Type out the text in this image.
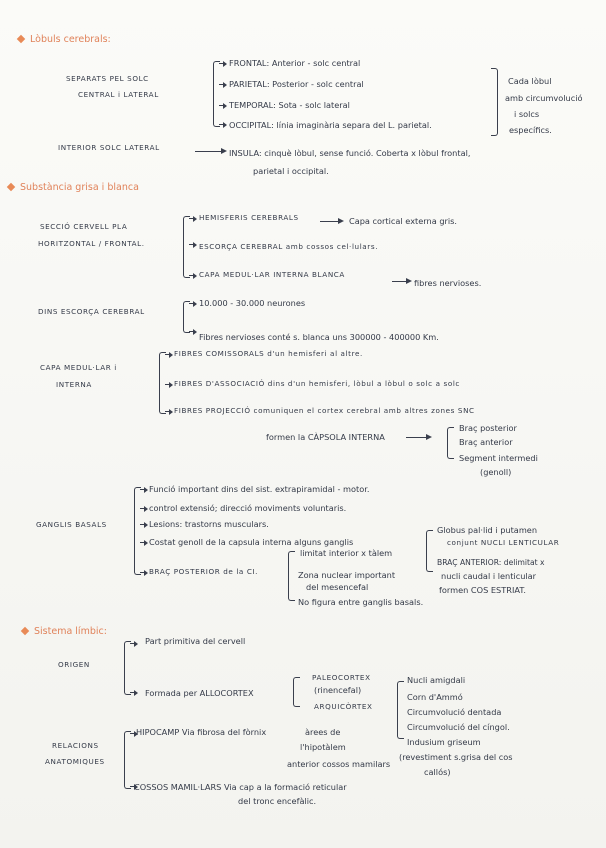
Lòbuls cerebrals:
SEPARATS PEL SOLC
CENTRAL i LATERAL
FRONTAL: Anterior - solc central
PARIETAL: Posterior - solc central
TEMPORAL: Sota - solc lateral
OCCIPITAL: línia imaginària separa del L. parietal.
Cada lòbul
amb circumvolució
i solcs
específics.
INTERIOR SOLC LATERAL
INSULA: cinquè lòbul, sense funció. Coberta x lòbul frontal,
parietal i occipital.
Substància grisa i blanca
SECCIÓ CERVELL PLA
HORITZONTAL / FRONTAL.
HEMISFERIS CEREBRALS	Capa cortical externa gris.
ESCORÇA CEREBRAL amb cossos cel·lulars.
CAPA MEDUL·LAR INTERNA BLANCA
fibres nervioses.
DINS ESCORÇA CEREBRAL
10.000 - 30.000 neurones
Fibres nervioses conté s. blanca uns 300000 - 400000 Km.
CAPA MEDUL·LAR i
INTERNA
FIBRES COMISSORALS d'un hemisferi al altre.
FIBRES D'ASSOCIACIÓ dins d'un hemisferi, lòbul a lòbul o solc a solc
FIBRES PROJECCIÓ comuniquen el cortex cerebral amb altres zones SNC
formen la CÀPSOLA INTERNA
Braç posterior
Braç anterior
Segment intermedi
(genoll)
GANGLIS BASALS
Funció important dins del sist. extrapiramidal - motor.
control extensió; direcció moviments voluntaris.
Lesions: trastorns musculars.
Costat genoll de la capsula interna alguns ganglis
BRAÇ POSTERIOR de la CI.
limitat interior x tàlem
Zona nuclear important
del mesencefal
No figura entre ganglis basals.
Globus pal·lid i putamen
conjunt NUCLI LENTICULAR
BRAÇ ANTERIOR: delimitat x
nucli caudal i lenticular
formen COS ESTRIAT.
Sistema límbic:
ORIGEN
Part primitiva del cervell
Formada per ALLOCORTEX
PALEOCORTEX
(rinencefal)
ARQUICÒRTEX
Nucli amigdali
Corn d'Ammó
Circumvolució dentada
Circumvolució del cíngol.
Indusium griseum
(revestiment s.grisa del cos
callós)
RELACIONS
ANATOMIQUES
HIPOCAMP Via fibrosa del fòrnix	àrees de
l'hipotàlem
anterior cossos mamilars
COSSOS MAMIL·LARS Via cap a la formació reticular
del tronc encefàlic.
